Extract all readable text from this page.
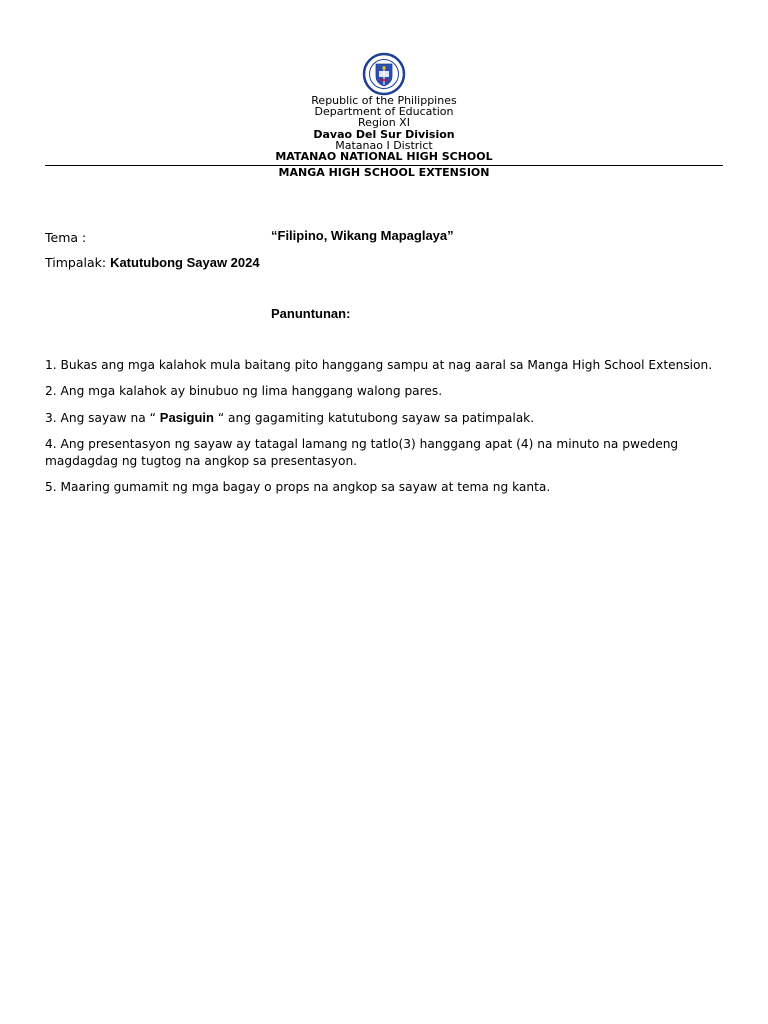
Republic of the Philippines
Department of Education
Region XI
Davao Del Sur Division
Matanao I District
MATANAO NATIONAL HIGH SCHOOL
MANGA HIGH SCHOOL EXTENSION
Tema :	“Filipino, Wikang Mapaglaya”
Timpalak: Katutubong Sayaw 2024
Panuntunan:
1. Bukas ang mga kalahok mula baitang pito hanggang sampu at nag aaral sa Manga High School Extension.
2. Ang mga kalahok ay binubuo ng lima hanggang walong pares.
3. Ang sayaw na “ Pasiguin “ ang gagamiting katutubong sayaw sa patimpalak.
4. Ang presentasyon ng sayaw ay tatagal lamang ng tatlo(3) hanggang apat (4) na minuto na pwedeng magdagdag ng tugtog na angkop sa presentasyon.
5. Maaring gumamit ng mga bagay o props na angkop sa sayaw at tema ng kanta.
